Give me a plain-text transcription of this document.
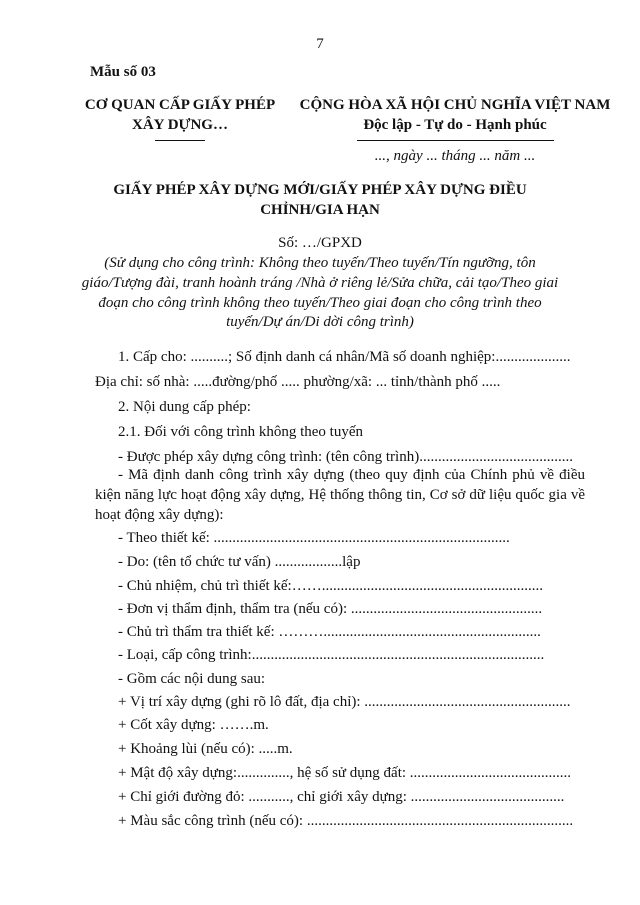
7
Mẫu số 03
CƠ QUAN CẤP GIẤY PHÉP
XÂY DỰNG…
CỘNG HÒA XÃ HỘI CHỦ NGHĨA VIỆT NAM
Độc lập - Tự do - Hạnh phúc
..., ngày ... tháng ... năm ...
GIẤY PHÉP XÂY DỰNG MỚI/GIẤY PHÉP XÂY DỰNG ĐIỀU
CHỈNH/GIA HẠN
Số: …/GPXD
(Sử dụng cho công trình: Không theo tuyến/Theo tuyến/Tín ngưỡng, tôn
giáo/Tượng đài, tranh hoành tráng /Nhà ở riêng lẻ/Sửa chữa, cải tạo/Theo giai
đoạn cho công trình không theo tuyến/Theo giai đoạn cho công trình theo
tuyến/Dự án/Di dời công trình)
1. Cấp cho: ..........; Số định danh cá nhân/Mã số doanh nghiệp:....................
Địa chỉ: số nhà: .....đường/phố ..... phường/xã: ... tỉnh/thành phố .....
2. Nội dung cấp phép:
2.1. Đối với công trình không theo tuyến
- Được phép xây dựng công trình: (tên công trình).........................................
- Mã định danh công trình xây dựng (theo quy định của Chính phủ về điều kiện năng lực hoạt động xây dựng, Hệ thống thông tin, Cơ sở dữ liệu quốc gia về hoạt động xây dựng):
- Theo thiết kế: ...............................................................................
- Do: (tên tổ chức tư vấn) ..................lập
- Chủ nhiệm, chủ trì thiết kế:……...........................................................
- Đơn vị thẩm định, thẩm tra (nếu có): ...................................................
- Chủ trì thẩm tra thiết kế: ………..........................................................
- Loại, cấp công trình:..............................................................................
- Gồm các nội dung sau:
+ Vị trí xây dựng (ghi rõ lô đất, địa chỉ): .......................................................
+ Cốt xây dựng: …….m.
+ Khoảng lùi (nếu có): .....m.
+ Mật độ xây dựng:.............., hệ số sử dụng đất: ...........................................
+ Chỉ giới đường đỏ: ..........., chỉ giới xây dựng: .........................................
+ Màu sắc công trình (nếu có): .......................................................................
